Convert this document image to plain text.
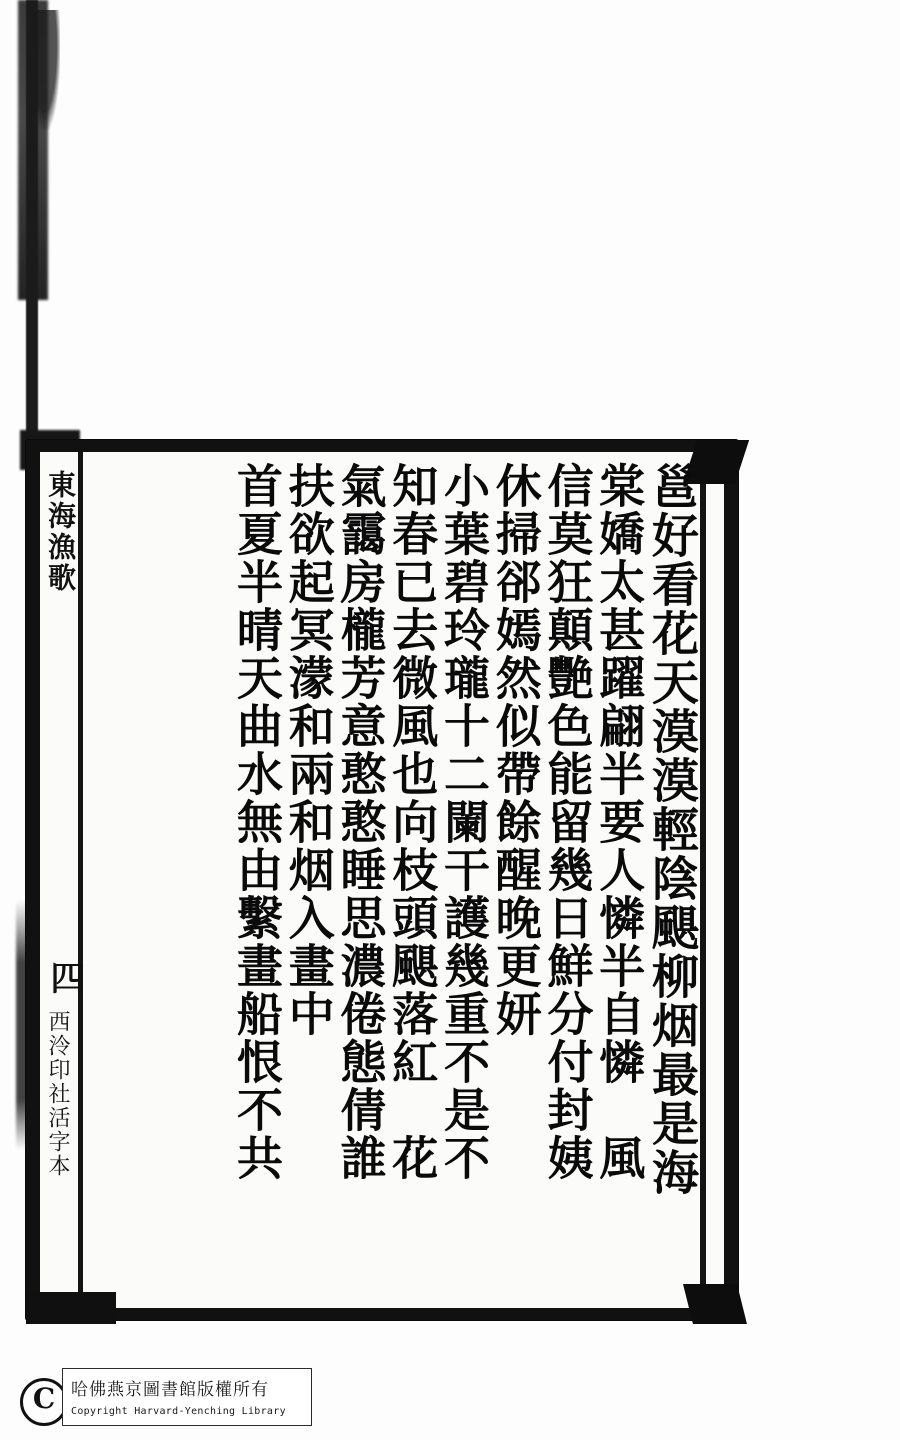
東海漁歌
四
西泠印社活字本	邕好看花天漠漠輕陰颶柳烟最是海
棠嬌太甚躍翩半要人憐半自憐　風
信莫狂顛艷色能留幾日鮮分付封姨
休掃郤嫣然似帶餘醒晚更妍
小葉碧玲瓏十二闌干護幾重不是不
知春已去微風也向枝頭颶落紅　花
氣靄房櫳芳意憨憨睡思濃倦態倩誰
扶欲起冥濛和兩和烟入畫中
首夏半晴天曲水無由繫畫船恨不共
C 哈佛燕京圖書館版權所有
Copyright Harvard-Yenching Library
